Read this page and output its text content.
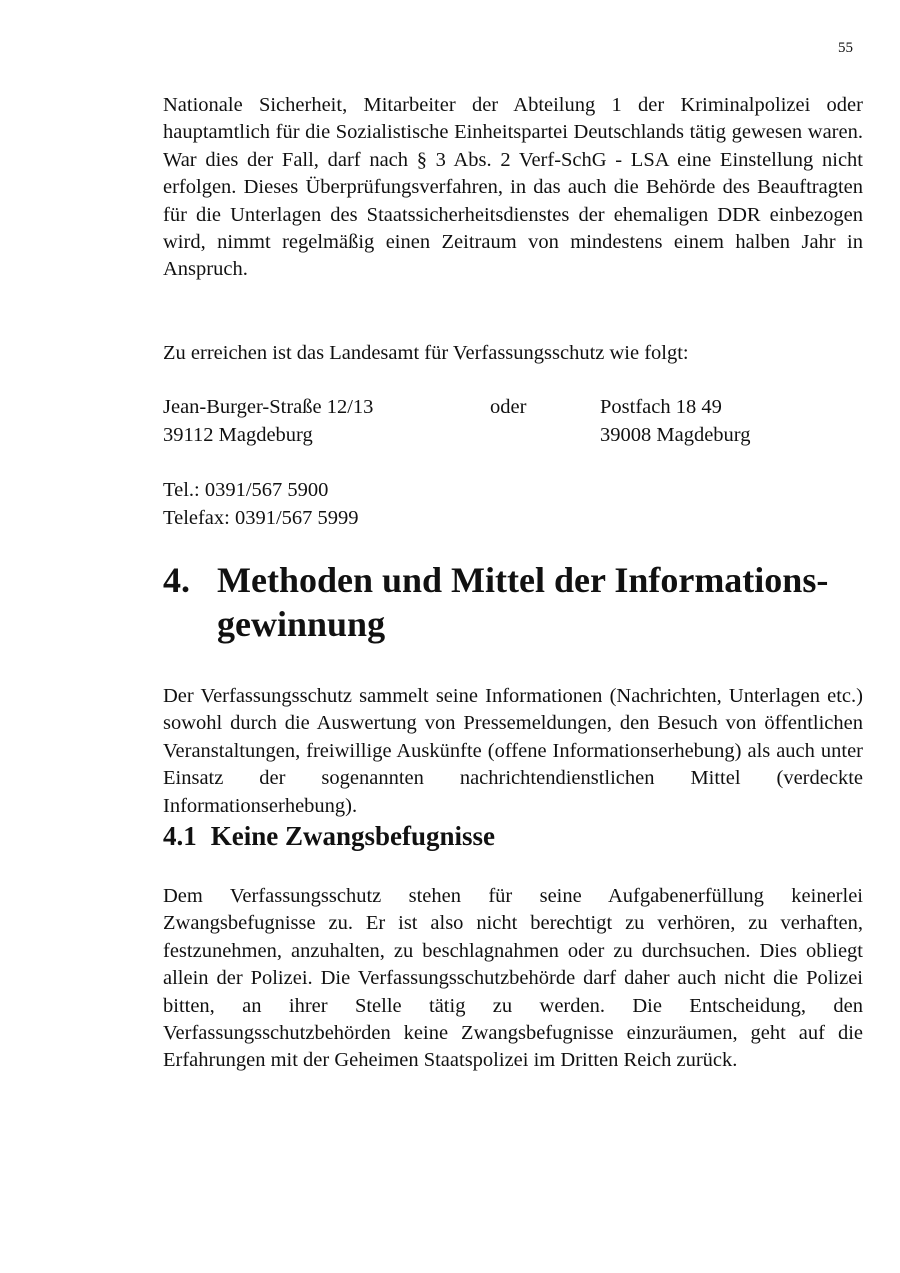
55

Nationale Sicherheit, Mitarbeiter der Abteilung 1 der Kriminalpolizei oder hauptamtlich für die Sozialistische Einheitspartei Deutschlands tätig gewesen waren. War dies der Fall, darf nach § 3 Abs. 2 Verf-SchG - LSA eine Einstellung nicht erfolgen. Dieses Überprüfungsverfahren, in das auch die Behörde des Beauftragten für die Unterlagen des Staatssicherheitsdienstes der ehemaligen DDR einbezogen wird, nimmt regelmäßig einen Zeitraum von mindestens einem halben Jahr in Anspruch.

Zu erreichen ist das Landesamt für Verfassungsschutz wie folgt:

Jean-Burger-Straße 12/13
39112 Magdeburg
oder	Postfach 18 49
39008 Magdeburg
Tel.: 0391/567 5900
Telefax: 0391/567 5999
4. Methoden und Mittel der Informationsgewinnung

Der Verfassungsschutz sammelt seine Informationen (Nachrichten, Unterlagen etc.) sowohl durch die Auswertung von Pressemeldungen, den Besuch von öffentlichen Veranstaltungen, freiwillige Auskünfte (offene Informationserhebung) als auch unter Einsatz der sogenannten nachrichtendienstlichen Mittel (verdeckte Informationserhebung).

4.1 Keine Zwangsbefugnisse

Dem Verfassungsschutz stehen für seine Aufgabenerfüllung keinerlei Zwangsbefugnisse zu. Er ist also nicht berechtigt zu verhören, zu verhaften, festzunehmen, anzuhalten, zu beschlagnahmen oder zu durchsuchen. Dies obliegt allein der Polizei. Die Verfassungsschutzbehörde darf daher auch nicht die Polizei bitten, an ihrer Stelle tätig zu werden. Die Entscheidung, den Verfassungsschutzbehörden keine Zwangsbefugnisse einzuräumen, geht auf die Erfahrungen mit der Geheimen Staatspolizei im Dritten Reich zurück.
